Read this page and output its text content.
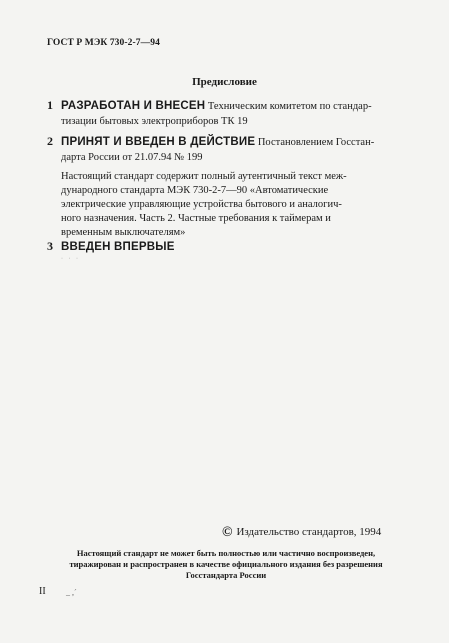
ГОСТ Р МЭК 730-2-7—94
Предисловие
1 РАЗРАБОТАН И ВНЕСЕН Техническим комитетом по стандар-
тизации бытовых электроприборов ТК 19
2 ПРИНЯТ И ВВЕДЕН В ДЕЙСТВИЕ Постановлением Госстан-
дарта России от 21.07.94 № 199
Настоящий стандарт содержит полный аутентичный текст меж-
дународного стандарта МЭК 730-2-7—90 «Автоматические
электрические управляющие устройства бытового и аналогич-
ного назначения. Часть 2. Частные требования к таймерам и
временным выключателям»
3 ВВЕДЕН ВПЕРВЫЕ
· · ·
© Издательство стандартов, 1994
Настоящий стандарт не может быть полностью или частично воспроизведен,
тиражирован и распространен в качестве официального издания без разрешения
Госстандарта России
II	_ ,ˊ
